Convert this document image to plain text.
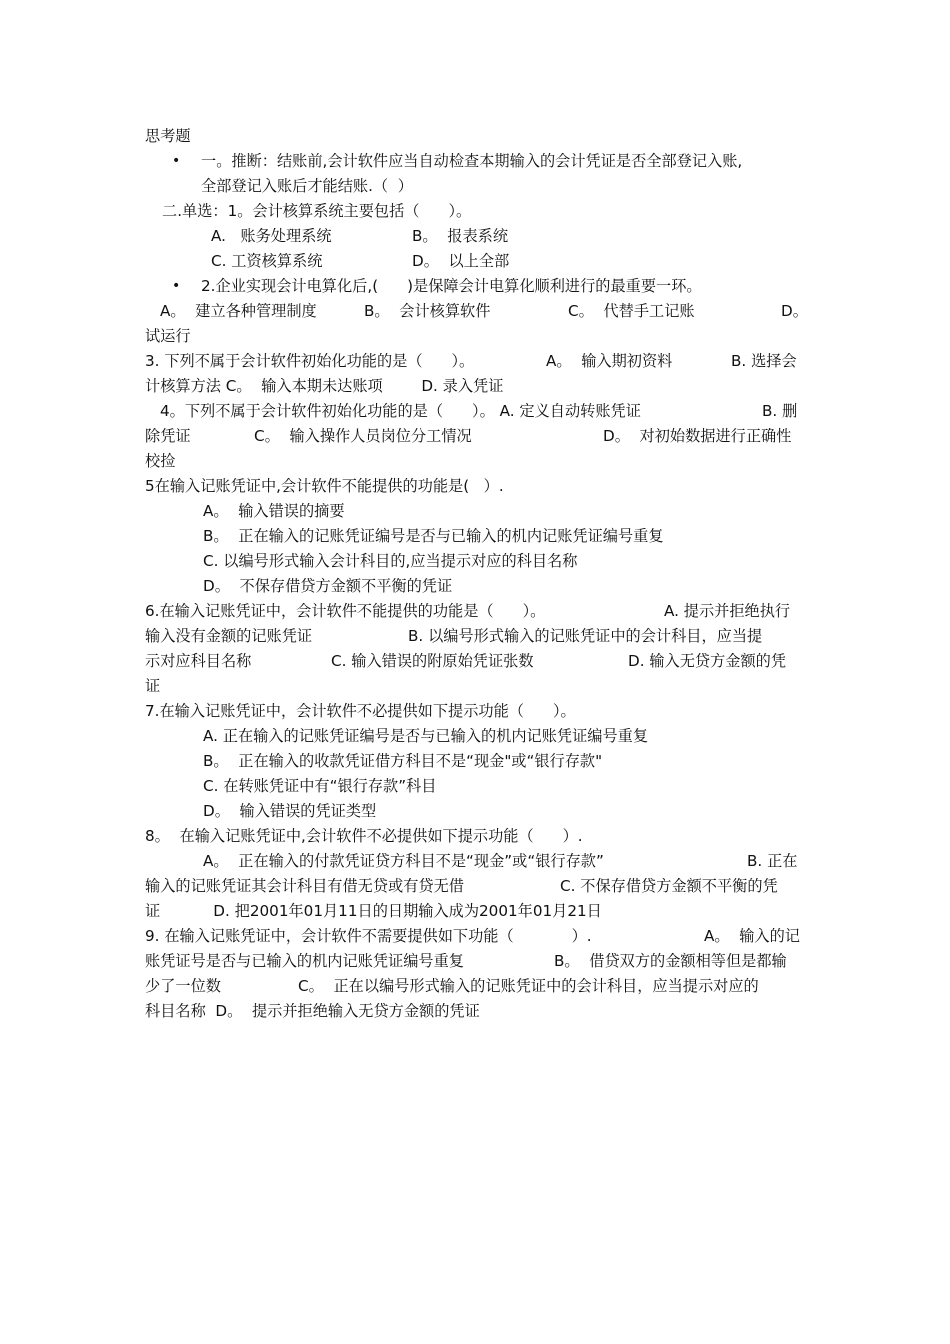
思考题

• 一。推断：结账前,会计软件应当自动检查本期输入的会计凭证是否全部登记入账,

全部登记入账后才能结账.（  ）

二.单选：1。会计核算系统主要包括（      ）。

A.   账务处理系统	B。  报表系统

C. 工资核算系统	D。  以上全部

• 2.企业实现会计电算化后,(      )是保障会计电算化顺利进行的最重要一环。

A。  建立各种管理制度	B。  会计核算软件	C。  代替手工记账	D。

试运行

3. 下列不属于会计软件初始化功能的是（      ）。	A。  输入期初资料	B. 选择会

计核算方法 C。  输入本期未达账项        D. 录入凭证

4。下列不属于会计软件初始化功能的是（      ）。 A. 定义自动转账凭证	B. 删

除凭证	C。  输入操作人员岗位分工情况	D。  对初始数据进行正确性

校捡

5在输入记账凭证中,会计软件不能提供的功能是(   ）.

A。  输入错误的摘要

B。  正在输入的记账凭证编号是否与已输入的机内记账凭证编号重复

C. 以编号形式输入会计科目的,应当提示对应的科目名称

D。  不保存借贷方金额不平衡的凭证

6.在输入记账凭证中，会计软件不能提供的功能是（      ）。	A. 提示并拒绝执行

输入没有金额的记账凭证	B. 以编号形式输入的记账凭证中的会计科目，应当提

示对应科目名称	C. 输入错误的附原始凭证张数	D. 输入无贷方金额的凭

证

7.在输入记账凭证中，会计软件不必提供如下提示功能（      ）。

A. 正在输入的记账凭证编号是否与已输入的机内记账凭证编号重复

B。  正在输入的收款凭证借方科目不是“现金"或“银行存款"

C. 在转账凭证中有“银行存款”科目

D。  输入错误的凭证类型

8。  在输入记账凭证中,会计软件不必提供如下提示功能（      ）.

A。  正在输入的付款凭证贷方科目不是“现金”或“银行存款”	B. 正在

输入的记账凭证其会计科目有借无贷或有贷无借	C. 不保存借贷方金额不平衡的凭

证           D. 把2001年01月11日的日期输入成为2001年01月21日

9. 在输入记账凭证中，会计软件不需要提供如下功能（            ）.	A。  输入的记

账凭证号是否与已输入的机内记账凭证编号重复	B。  借贷双方的金额相等但是都输

少了一位数	C。  正在以编号形式输入的记账凭证中的会计科目，应当提示对应的

科目名称  D。  提示并拒绝输入无贷方金额的凭证
